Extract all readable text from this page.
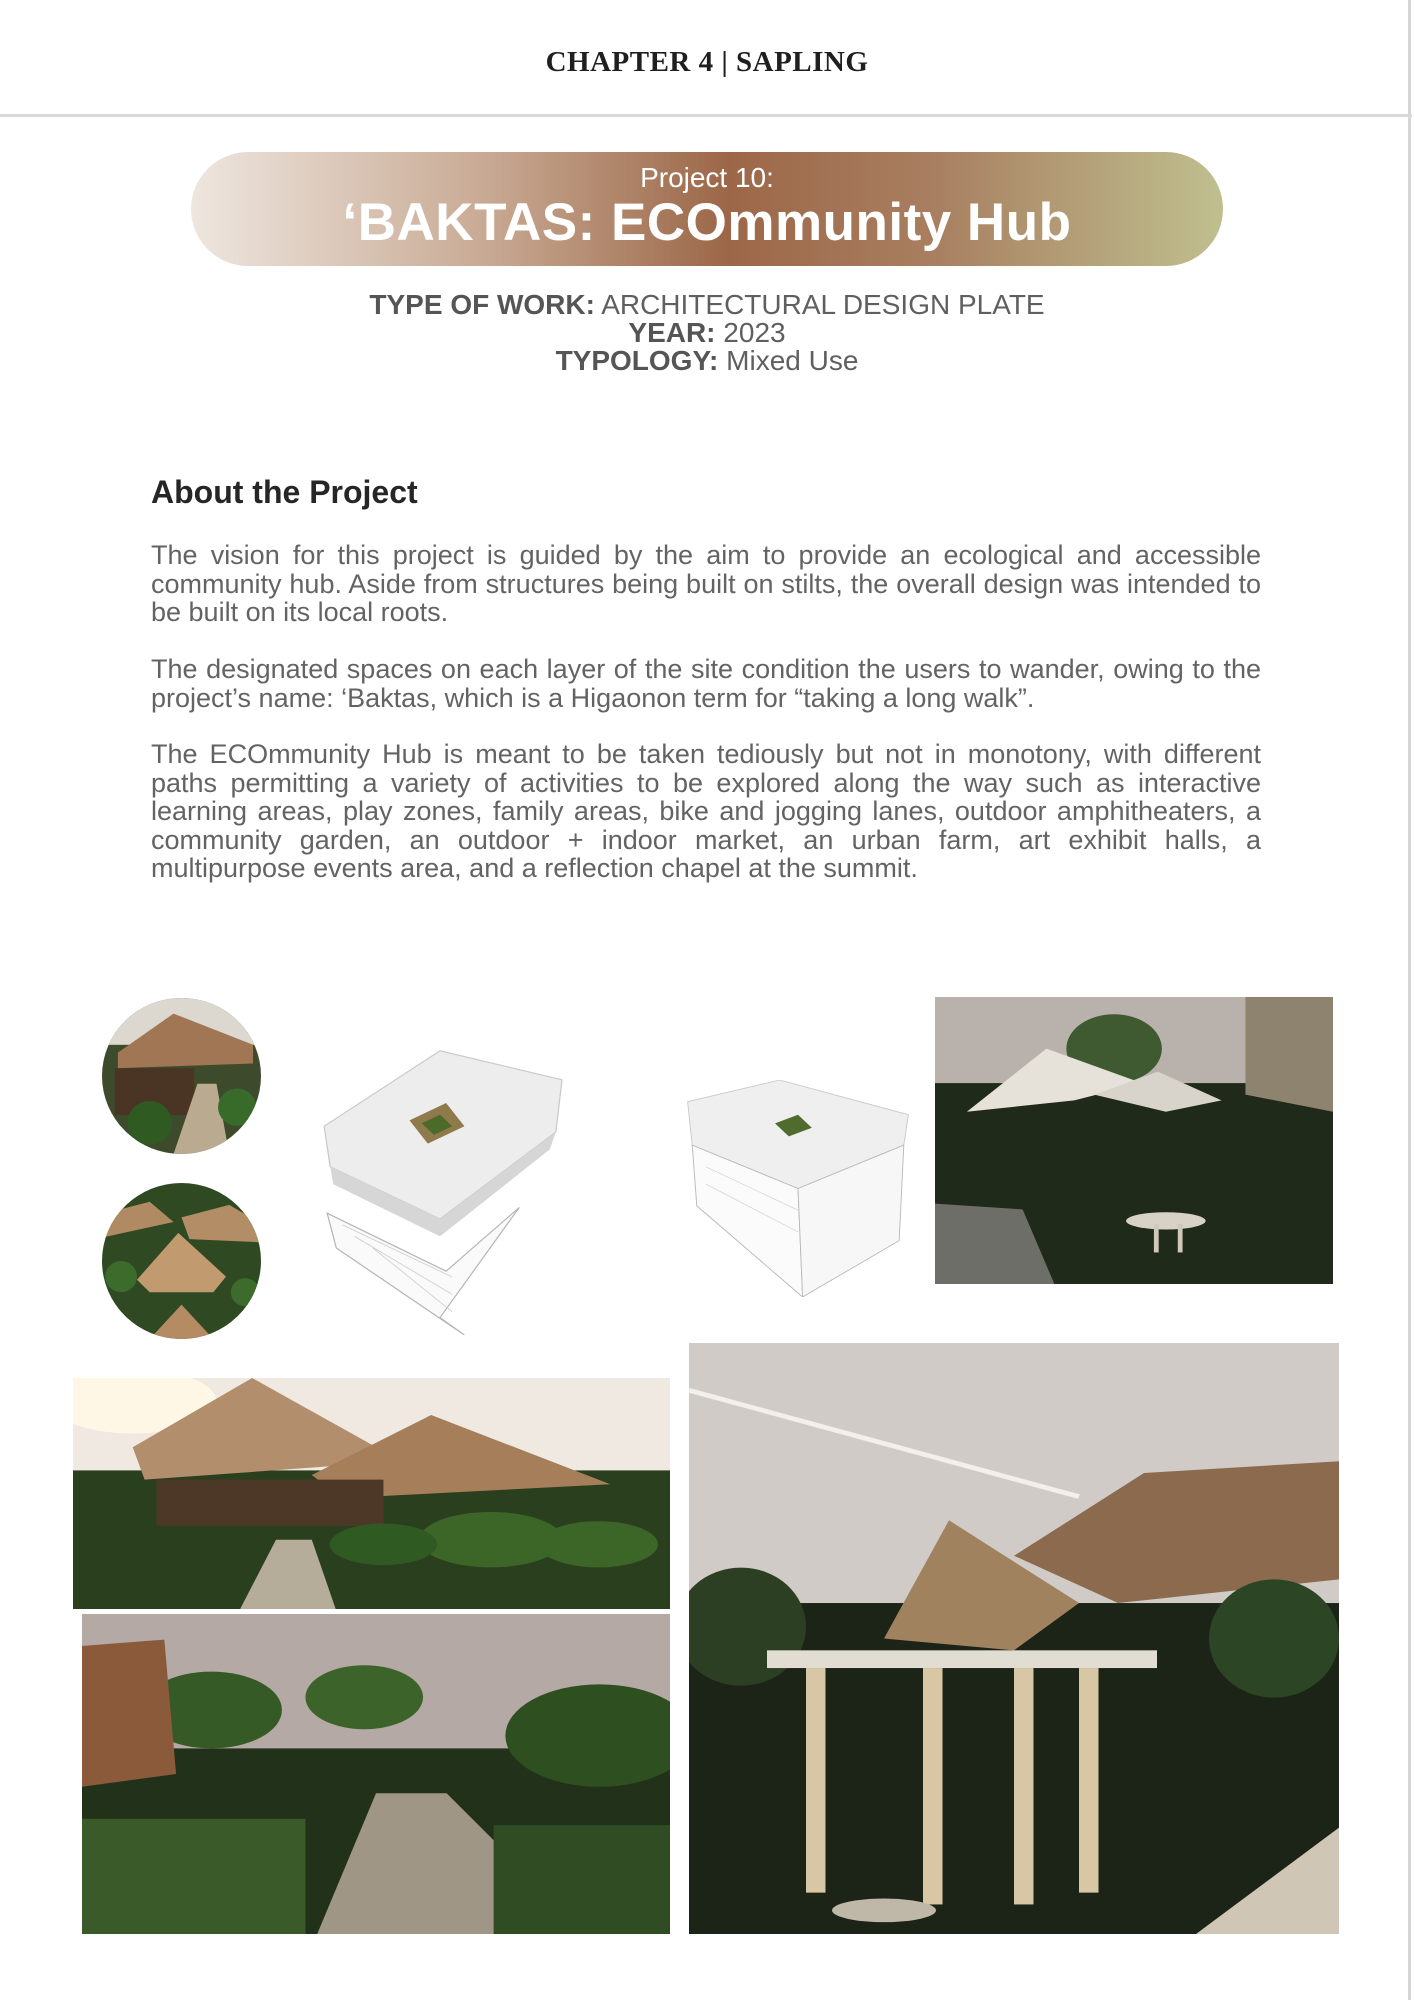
CHAPTER 4 | SAPLING
Project 10:
‘BAKTAS: ECOmmunity Hub
TYPE OF WORK: ARCHITECTURAL DESIGN PLATE
YEAR: 2023
TYPOLOGY: Mixed Use
About the Project

The vision for this project is guided by the aim to provide an ecological and accessible community hub. Aside from structures being built on stilts, the overall design was intended to be built on its local roots.

The designated spaces on each layer of the site condition the users to wander, owing to the project’s name: ‘Baktas, which is a Higaonon term for “taking a long walk”.

The ECOmmunity Hub is meant to be taken tediously but not in monotony, with different paths permitting a variety of activities to be explored along the way such as interactive learning areas, play zones, family areas, bike and jogging lanes, outdoor amphitheaters, a community garden, an outdoor + indoor market, an urban farm, art exhibit halls, a multipurpose events area, and a reflection chapel at the summit.
